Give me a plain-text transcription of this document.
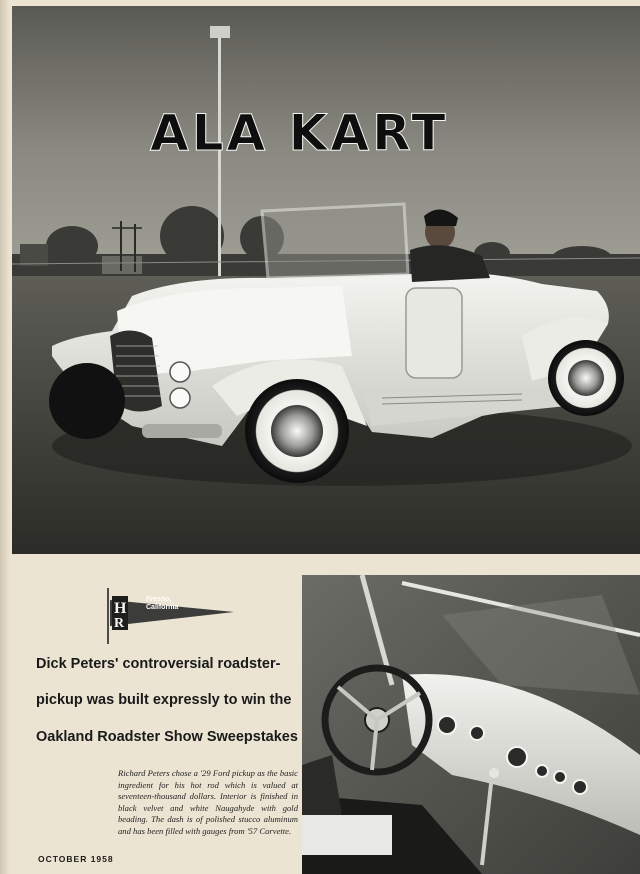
ALA KART
H
R
Fresno,
California
Dick Peters' controversial roadster-
pickup was built expressly to win the
Oakland Roadster Show Sweepstakes
Richard Peters chose a '29 Ford pickup as the basic ingredient for his hot rod which is valued at seventeen-thousand dollars. Interior is finished in black velvet and white Naugahyde with gold beading. The dash is of polished stucco aluminum and has been filled with gauges from '57 Corvette.
OCTOBER 1958
